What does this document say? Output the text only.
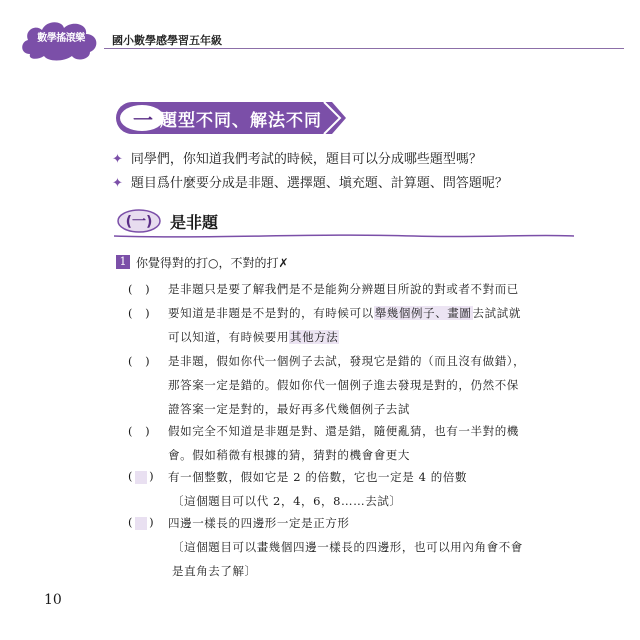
數學搖滾樂	國小數學感學習五年級
一 題型不同、解法不同
✦ 同學們，你知道我們考試的時候，題目可以分成哪些題型嗎？
✦ 題目爲什麼要分成是非題、選擇題、塡充題、計算題、問答題呢？
(一)	是非題
1 你覺得對的打○，不對的打✗
(　) 是非題只是要了解我們是不是能夠分辨題目所說的對或者不對而已
(　) 要知道是非題是不是對的，有時候可以舉幾個例子、畫圖去試試就
可以知道，有時候要用其他方法
(　) 是非題，假如你代一個例子去試，發現它是錯的（而且沒有做錯），
那答案一定是錯的。假如你代一個例子進去發現是對的，仍然不保
證答案一定是對的，最好再多代幾個例子去試
(　) 假如完全不知道是非題是對、還是錯，隨便亂猜，也有一半對的機
會。假如稍微有根據的猜，猜對的機會會更大
( ) 有一個整數，假如它是 2 的倍數，它也一定是 4 的倍數
〔這個題目可以代 2，4，6，8……去試〕
( ) 四邊一樣長的四邊形一定是正方形
〔這個題目可以畫幾個四邊一樣長的四邊形，也可以用內角會不會
是直角去了解〕
10
